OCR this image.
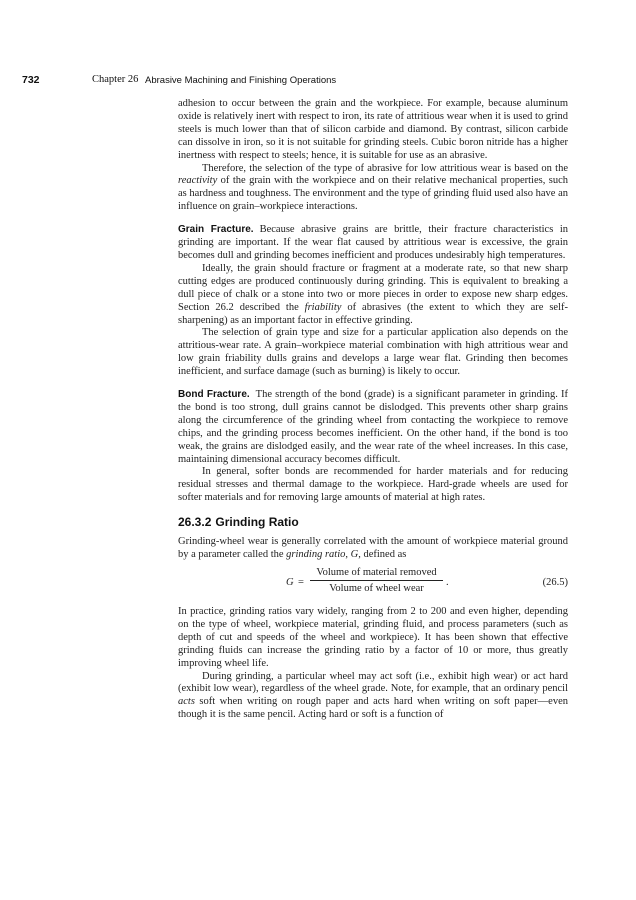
732	Chapter 26 Abrasive Machining and Finishing Operations

adhesion to occur between the grain and the workpiece. For example, because aluminum oxide is relatively inert with respect to iron, its rate of attritious wear when it is used to grind steels is much lower than that of silicon carbide and diamond. By contrast, silicon carbide can dissolve in iron, so it is not suitable for grinding steels. Cubic boron nitride has a higher inertness with respect to steels; hence, it is suitable for use as an abrasive.

Therefore, the selection of the type of abrasive for low attritious wear is based on the reactivity of the grain with the workpiece and on their relative mechanical properties, such as hardness and toughness. The environment and the type of grinding fluid used also have an influence on grain–workpiece interactions.

Grain Fracture. Because abrasive grains are brittle, their fracture characteristics in grinding are important. If the wear flat caused by attritious wear is excessive, the grain becomes dull and grinding becomes inefficient and produces undesirably high temperatures.

Ideally, the grain should fracture or fragment at a moderate rate, so that new sharp cutting edges are produced continuously during grinding. This is equivalent to breaking a dull piece of chalk or a stone into two or more pieces in order to expose new sharp edges. Section 26.2 described the friability of abrasives (the extent to which they are self-sharpening) as an important factor in effective grinding.

The selection of grain type and size for a particular application also depends on the attritious-wear rate. A grain–workpiece material combination with high attritious wear and low grain friability dulls grains and develops a large wear flat. Grinding then becomes inefficient, and surface damage (such as burning) is likely to occur.

Bond Fracture. The strength of the bond (grade) is a significant parameter in grinding. If the bond is too strong, dull grains cannot be dislodged. This prevents other sharp grains along the circumference of the grinding wheel from contacting the workpiece to remove chips, and the grinding process becomes inefficient. On the other hand, if the bond is too weak, the grains are dislodged easily, and the wear rate of the wheel increases. In this case, maintaining dimensional accuracy becomes difficult.

In general, softer bonds are recommended for harder materials and for reducing residual stresses and thermal damage to the workpiece. Hard-grade wheels are used for softer materials and for removing large amounts of material at high rates.

26.3.2 Grinding Ratio

Grinding-wheel wear is generally correlated with the amount of workpiece material ground by a parameter called the grinding ratio, G, defined as

G =
Volume of material removed
Volume of wheel wear
.	(26.5)

In practice, grinding ratios vary widely, ranging from 2 to 200 and even higher, depending on the type of wheel, workpiece material, grinding fluid, and process parameters (such as depth of cut and speeds of the wheel and workpiece). It has been shown that effective grinding fluids can increase the grinding ratio by a factor of 10 or more, thus greatly improving wheel life.

During grinding, a particular wheel may act soft (i.e., exhibit high wear) or act hard (exhibit low wear), regardless of the wheel grade. Note, for example, that an ordinary pencil acts soft when writing on rough paper and acts hard when writing on soft paper—even though it is the same pencil. Acting hard or soft is a function of
